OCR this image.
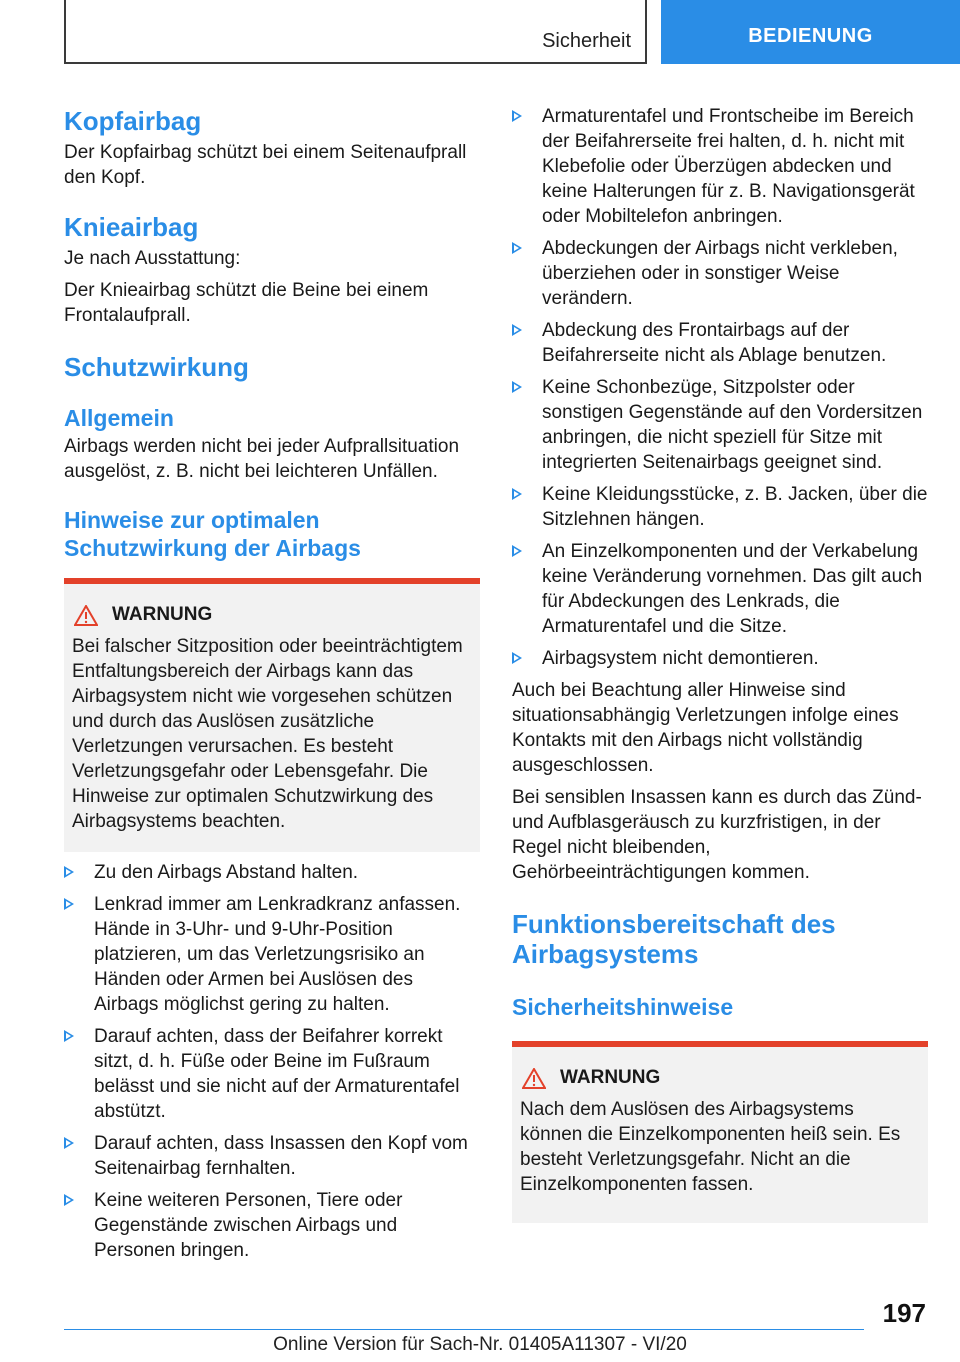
Sicherheit	BEDIENUNG
Kopfairbag

Der Kopfairbag schützt bei einem Seitenaufprall den Kopf.

Knieairbag

Je nach Ausstattung:

Der Knieairbag schützt die Beine bei einem Frontalaufprall.

Schutzwirkung
Allgemein

Airbags werden nicht bei jeder Aufprallsituation ausgelöst, z. B. nicht bei leichteren Unfällen.

Hinweise zur optimalen
Schutzwirkung der Airbags
WARNUNG

Bei falscher Sitzposition oder beeinträchtigtem Entfaltungsbereich der Airbags kann das Airbagsystem nicht wie vorgesehen schützen und durch das Auslösen zusätzliche Verletzungen verursachen. Es besteht Verletzungsgefahr oder Lebensgefahr. Die Hinweise zur optimalen Schutzwirkung des Airbagsystems beachten.

Zu den Airbags Abstand halten.
Lenkrad immer am Lenkradkranz anfassen. Hände in 3-Uhr- und 9-Uhr-Position platzieren, um das Verletzungsrisiko an Händen oder Armen bei Auslösen des Airbags möglichst gering zu halten.
Darauf achten, dass der Beifahrer korrekt sitzt, d. h. Füße oder Beine im Fußraum belässt und sie nicht auf der Armaturentafel abstützt.
Darauf achten, dass Insassen den Kopf vom Seitenairbag fernhalten.
Keine weiteren Personen, Tiere oder Gegenstände zwischen Airbags und Personen bringen.
Armaturentafel und Frontscheibe im Bereich der Beifahrerseite frei halten, d. h. nicht mit Klebefolie oder Überzügen abdecken und keine Halterungen für z. B. Navigationsgerät oder Mobiltelefon anbringen.
Abdeckungen der Airbags nicht verkleben, überziehen oder in sonstiger Weise verändern.
Abdeckung des Frontairbags auf der Beifahrerseite nicht als Ablage benutzen.
Keine Schonbezüge, Sitzpolster oder sonstigen Gegenstände auf den Vordersitzen anbringen, die nicht speziell für Sitze mit integrierten Seitenairbags geeignet sind.
Keine Kleidungsstücke, z. B. Jacken, über die Sitzlehnen hängen.
An Einzelkomponenten und der Verkabelung keine Veränderung vornehmen. Das gilt auch für Abdeckungen des Lenkrads, die Armaturentafel und die Sitze.
Airbagsystem nicht demontieren.

Auch bei Beachtung aller Hinweise sind situationsabhängig Verletzungen infolge eines Kontakts mit den Airbags nicht vollständig ausgeschlossen.

Bei sensiblen Insassen kann es durch das Zünd- und Aufblasgeräusch zu kurzfristigen, in der Regel nicht bleibenden, Gehörbeeinträchtigungen kommen.

Funktionsbereitschaft des
Airbagsystems
Sicherheitshinweise
WARNUNG

Nach dem Auslösen des Airbagsystems können die Einzelkomponenten heiß sein. Es besteht Verletzungsgefahr. Nicht an die Einzelkomponenten fassen.

197
Online Version für Sach-Nr. 01405A11307 - VI/20
